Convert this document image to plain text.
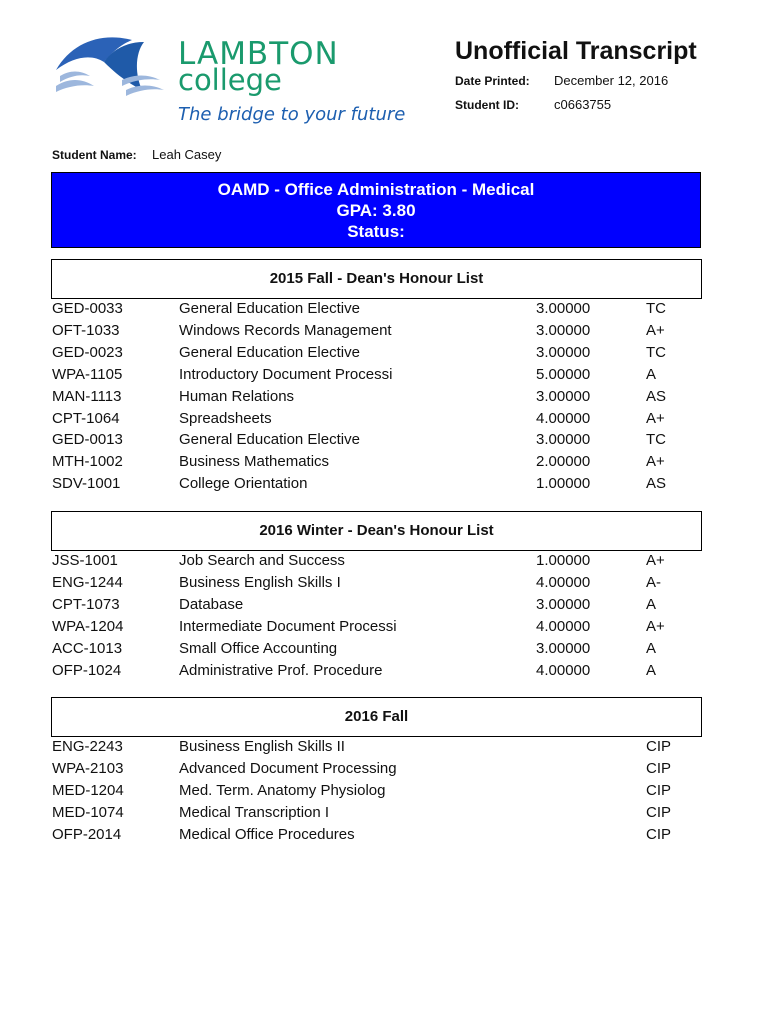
LAMBTON
college
The bridge to your future
Unofficial Transcript
Date Printed: December 12, 2016
Student ID:	c0663755
Student Name: Leah Casey
OAMD - Office Administration - Medical
GPA: 3.80
Status:
2015 Fall - Dean's Honour List
GED-0033	General Education Elective	3.00000	TC
OFT-1033	Windows Records Management	3.00000	A+
GED-0023	General Education Elective	3.00000	TC
WPA-1105	Introductory Document Processi	5.00000	A
MAN-1113	Human Relations	3.00000	AS
CPT-1064	Spreadsheets	4.00000	A+
GED-0013	General Education Elective	3.00000	TC
MTH-1002	Business Mathematics	2.00000	A+
SDV-1001	College Orientation	1.00000	AS
2016 Winter - Dean's Honour List
JSS-1001	Job Search and Success	1.00000	A+
ENG-1244	Business English Skills I	4.00000	A-
CPT-1073	Database	3.00000	A
WPA-1204	Intermediate Document Processi	4.00000	A+
ACC-1013	Small Office Accounting	3.00000	A
OFP-1024	Administrative Prof. Procedure	4.00000	A
2016 Fall
ENG-2243	Business English Skills II	CIP
WPA-2103	Advanced Document Processing	CIP
MED-1204	Med. Term. Anatomy Physiolog	CIP
MED-1074	Medical Transcription I	CIP
OFP-2014	Medical Office Procedures	CIP
